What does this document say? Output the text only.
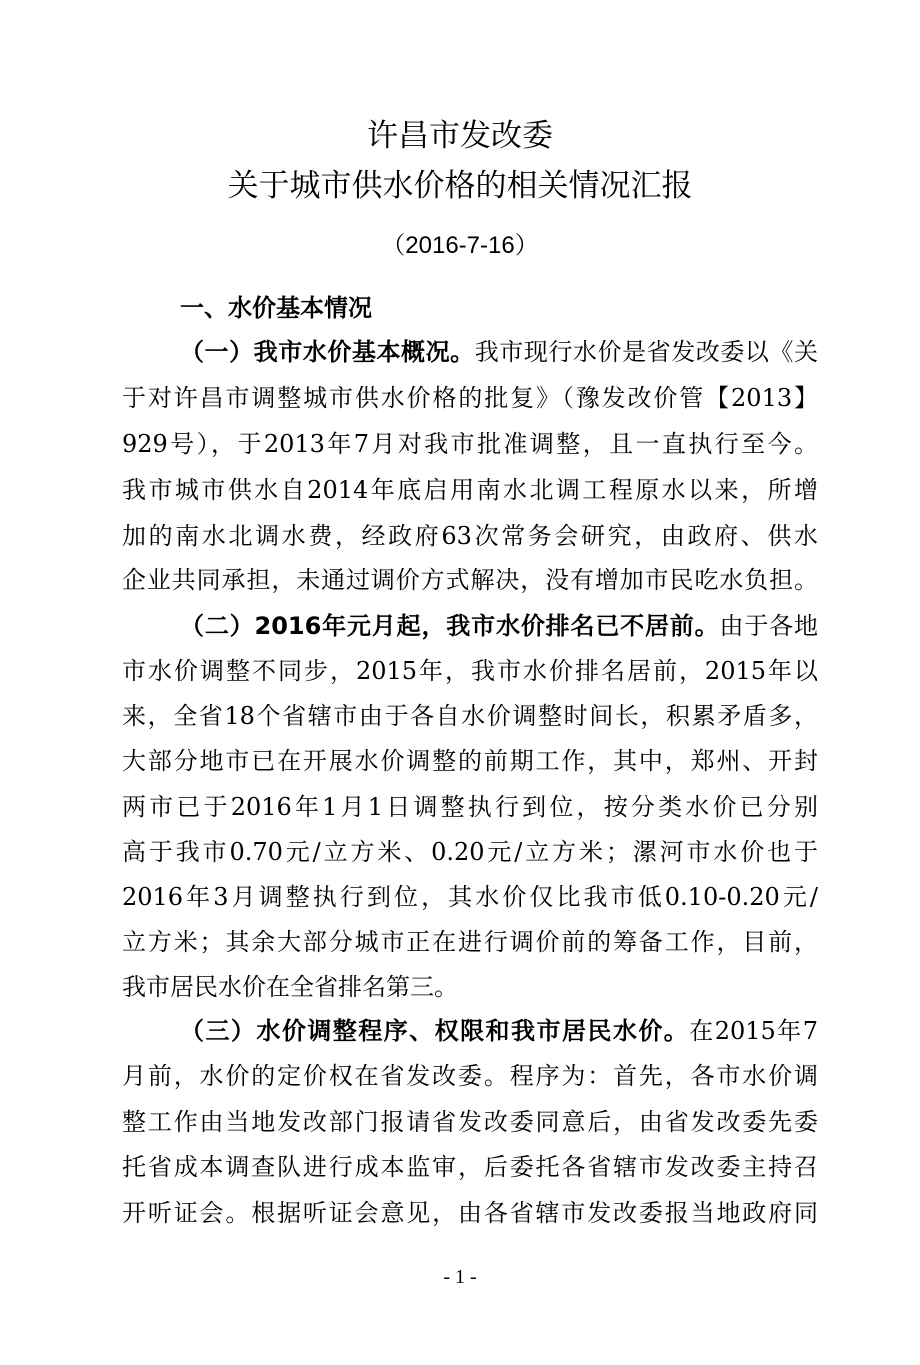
许昌市发改委
关于城市供水价格的相关情况汇报
（2016-7-16）
一、水价基本情况
（一）我市水价基本概况。我市现行水价是省发改委以《关
于对许昌市调整城市供水价格的批复》（豫发改价管【2013】
929号），于2013年7月对我市批准调整，且一直执行至今。
我市城市供水自2014年底启用南水北调工程原水以来，所增
加的南水北调水费，经政府63次常务会研究，由政府、供水
企业共同承担，未通过调价方式解决，没有增加市民吃水负担。
（二）2016年元月起，我市水价排名已不居前。由于各地
市水价调整不同步，2015年，我市水价排名居前，2015年以
来，全省18个省辖市由于各自水价调整时间长，积累矛盾多，
大部分地市已在开展水价调整的前期工作，其中，郑州、开封
两市已于2016年1月1日调整执行到位，按分类水价已分别
高于我市0.70元/立方米、0.20元/立方米；漯河市水价也于
2016年3月调整执行到位，其水价仅比我市低0.10-0.20元/
立方米；其余大部分城市正在进行调价前的筹备工作，目前，
我市居民水价在全省排名第三。
（三）水价调整程序、权限和我市居民水价。在2015年7
月前，水价的定价权在省发改委。程序为：首先，各市水价调
整工作由当地发改部门报请省发改委同意后，由省发改委先委
托省成本调查队进行成本监审，后委托各省辖市发改委主持召
开听证会。根据听证会意见，由各省辖市发改委报当地政府同
- 1 -
